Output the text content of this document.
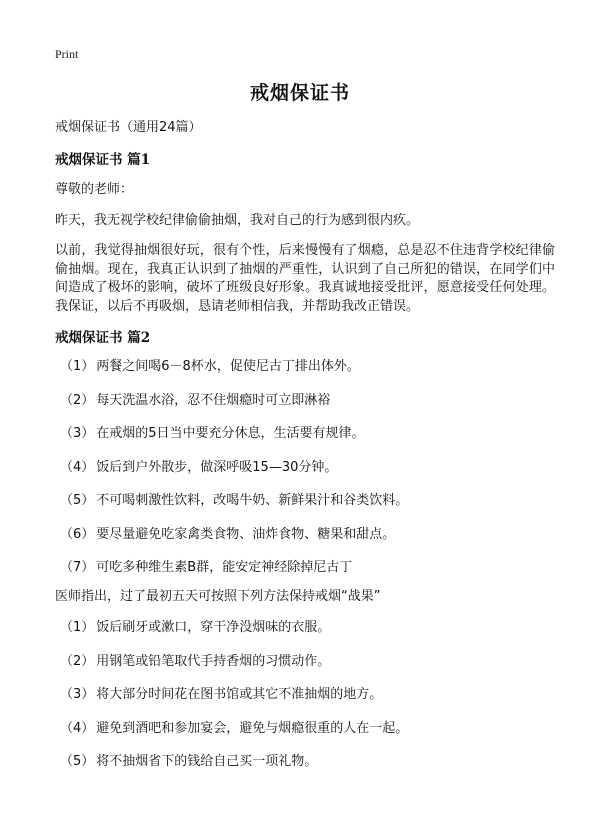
Print
戒烟保证书

戒烟保证书（通用24篇）

戒烟保证书 篇1

尊敬的老师：

昨天，我无视学校纪律偷偷抽烟，我对自己的行为感到很内疚。

以前，我觉得抽烟很好玩，很有个性，后来慢慢有了烟瘾，总是忍不住违背学校纪律偷偷抽烟。现在，我真正认识到了抽烟的严重性，认识到了自己所犯的错误，在同学们中间造成了极坏的影响，破坏了班级良好形象。我真诚地接受批评，愿意接受任何处理。我保证，以后不再吸烟，恳请老师相信我，并帮助我改正错误。

戒烟保证书 篇2
（1） 两餐之间喝6－8杯水，促使尼古丁排出体外。
（2） 每天洗温水浴，忍不住烟瘾时可立即淋裕
（3） 在戒烟的5日当中要充分休息，生活要有规律。
（4） 饭后到户外散步，做深呼吸15—30分钟。
（5） 不可喝刺激性饮料，改喝牛奶、新鲜果汁和谷类饮料。
（6） 要尽量避免吃家禽类食物、油炸食物、糖果和甜点。
（7） 可吃多种维生素B群，能安定神经除掉尼古丁

医师指出，过了最初五天可按照下列方法保持戒烟“战果”

（1） 饭后刷牙或漱口，穿干净没烟味的衣服。
（2） 用钢笔或铅笔取代手持香烟的习惯动作。
（3） 将大部分时间花在图书馆或其它不准抽烟的地方。
（4） 避免到酒吧和参加宴会，避免与烟瘾很重的人在一起。
（5） 将不抽烟省下的钱给自己买一项礼物。
